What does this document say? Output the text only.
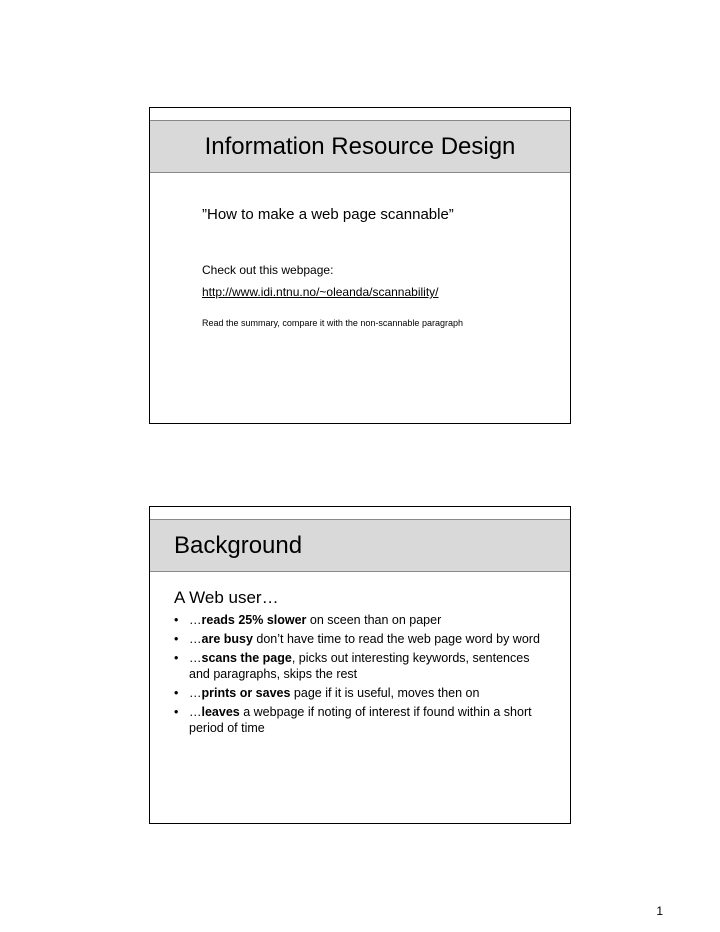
Information Resource Design

”How to make a web page scannable”

Check out this webpage:

http://www.idi.ntnu.no/~oleanda/scannability/

Read the summary, compare it with the non-scannable paragraph

Background

A Web user…

• …reads 25% slower on sceen than on paper
• …are busy don’t have time to read the web page word by word
• …scans the page, picks out interesting keywords, sentences and paragraphs, skips the rest
• …prints or saves page if it is useful, moves then on
• …leaves a webpage if noting of interest if found within a short period of time

1
